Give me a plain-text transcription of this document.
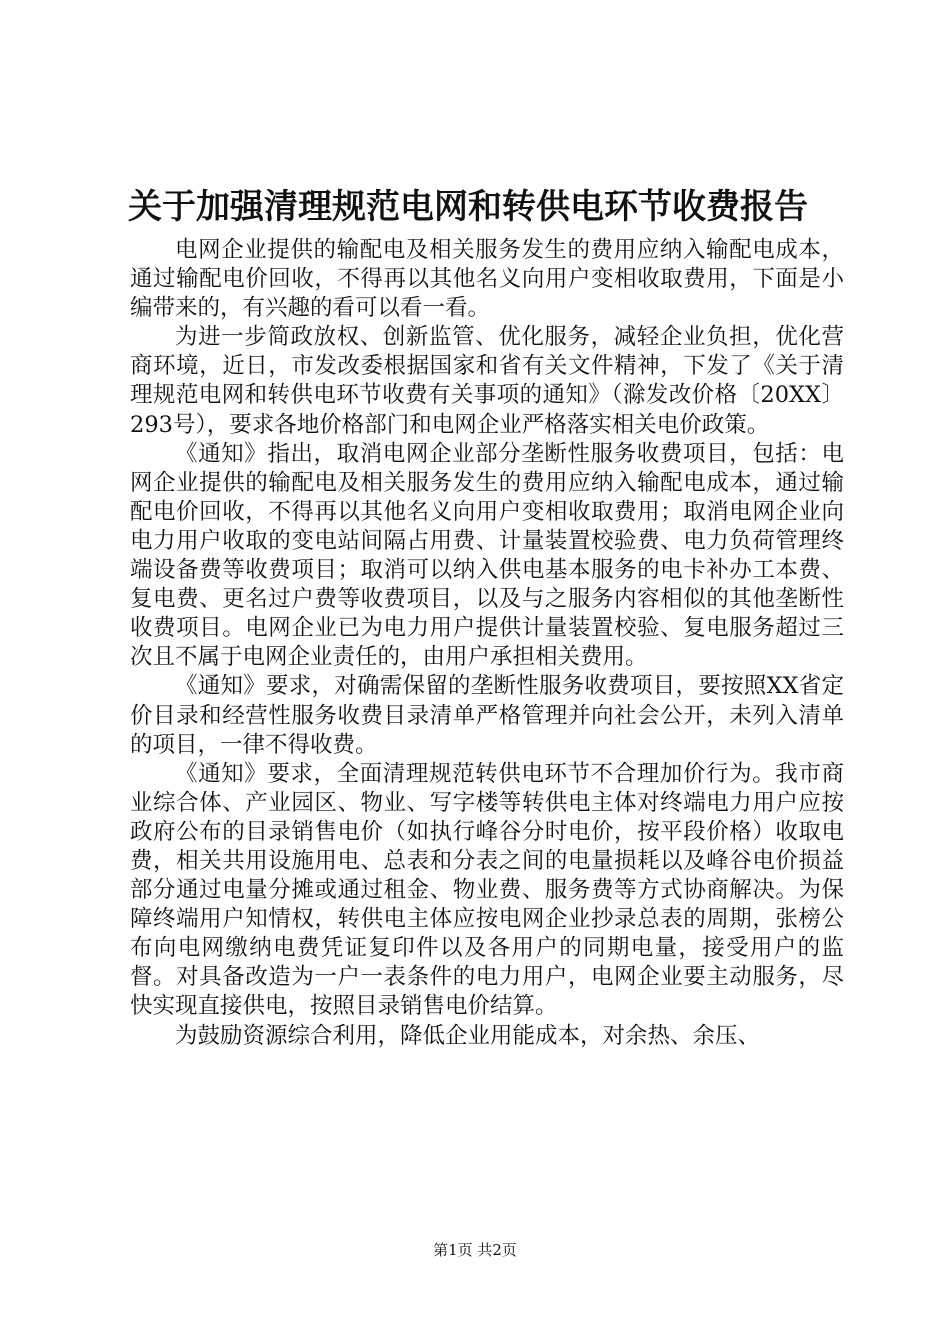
关于加强清理规范电网和转供电环节收费报告

电网企业提供的输配电及相关服务发生的费用应纳入输配电成本，通过输配电价回收，不得再以其他名义向用户变相收取费用，下面是小编带来的，有兴趣的看可以看一看。

为进一步简政放权、创新监管、优化服务，减轻企业负担，优化营商环境，近日，市发改委根据国家和省有关文件精神，下发了《关于清理规范电网和转供电环节收费有关事项的通知》（滁发改价格〔20XX〕293号），要求各地价格部门和电网企业严格落实相关电价政策。

《通知》指出，取消电网企业部分垄断性服务收费项目，包括：电网企业提供的输配电及相关服务发生的费用应纳入输配电成本，通过输配电价回收，不得再以其他名义向用户变相收取费用；取消电网企业向电力用户收取的变电站间隔占用费、计量装置校验费、电力负荷管理终端设备费等收费项目；取消可以纳入供电基本服务的电卡补办工本费、复电费、更名过户费等收费项目，以及与之服务内容相似的其他垄断性收费项目。电网企业已为电力用户提供计量装置校验、复电服务超过三次且不属于电网企业责任的，由用户承担相关费用。

《通知》要求，对确需保留的垄断性服务收费项目，要按照XX省定价目录和经营性服务收费目录清单严格管理并向社会公开，未列入清单的项目，一律不得收费。

《通知》要求，全面清理规范转供电环节不合理加价行为。我市商业综合体、产业园区、物业、写字楼等转供电主体对终端电力用户应按政府公布的目录销售电价（如执行峰谷分时电价，按平段价格）收取电费，相关共用设施用电、总表和分表之间的电量损耗以及峰谷电价损益部分通过电量分摊或通过租金、物业费、服务费等方式协商解决。为保障终端用户知情权，转供电主体应按电网企业抄录总表的周期，张榜公布向电网缴纳电费凭证复印件以及各用户的同期电量，接受用户的监督。对具备改造为一户一表条件的电力用户，电网企业要主动服务，尽快实现直接供电，按照目录销售电价结算。

为鼓励资源综合利用，降低企业用能成本，对余热、余压、

第1页 共2页
